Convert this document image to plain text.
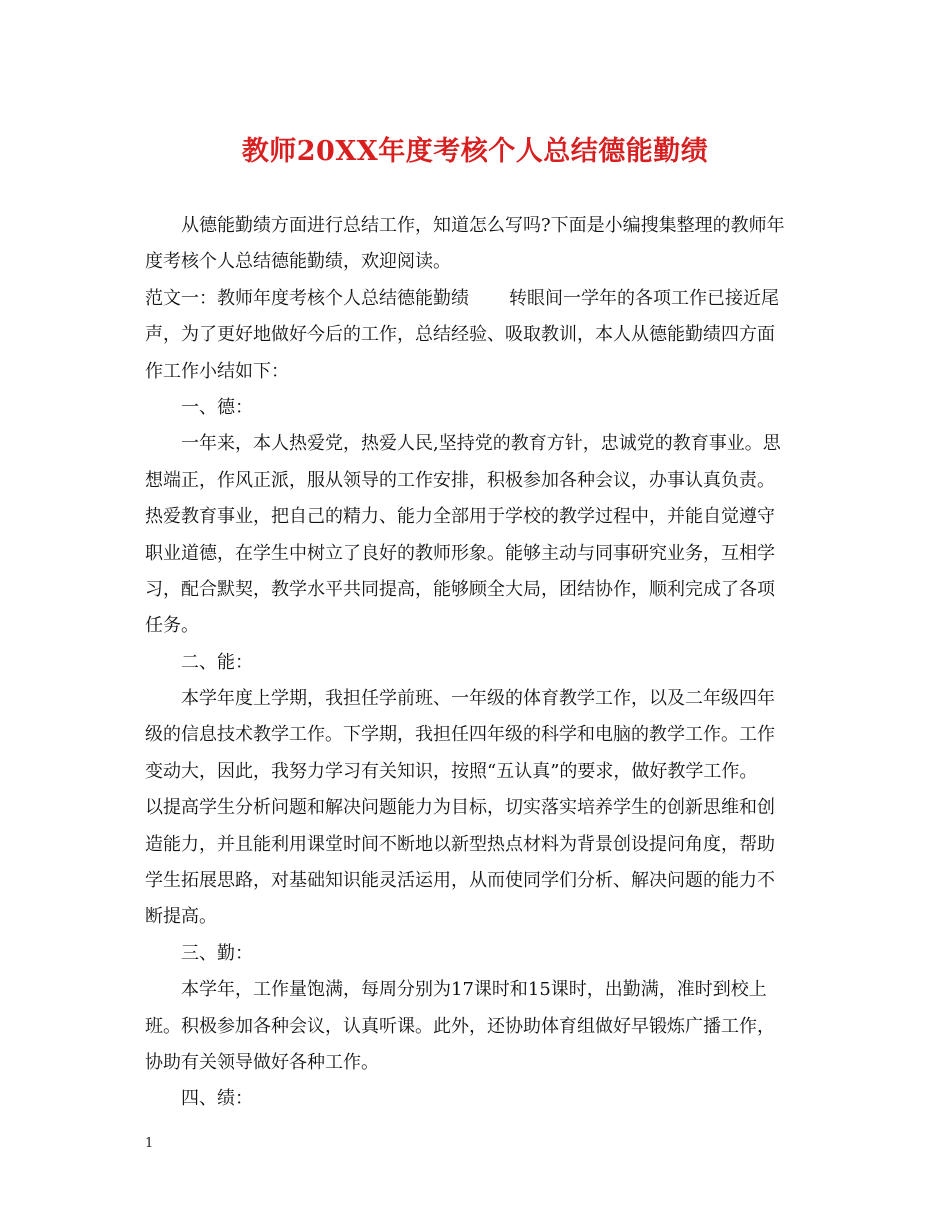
教师20XX年度考核个人总结德能勤绩
从德能勤绩方面进行总结工作，知道怎么写吗?下面是小编搜集整理的教师年
度考核个人总结德能勤绩，欢迎阅读。
范文一：教师年度考核个人总结德能勤绩 转眼间一学年的各项工作已接近尾
声，为了更好地做好今后的工作，总结经验、吸取教训，本人从德能勤绩四方面
作工作小结如下：
一、德：
一年来，本人热爱党，热爱人民,坚持党的教育方针，忠诚党的教育事业。思
想端正，作风正派，服从领导的工作安排，积极参加各种会议，办事认真负责。
热爱教育事业，把自己的精力、能力全部用于学校的教学过程中，并能自觉遵守
职业道德，在学生中树立了良好的教师形象。能够主动与同事研究业务，互相学
习，配合默契，教学水平共同提高，能够顾全大局，团结协作，顺利完成了各项
任务。
二、能：
本学年度上学期，我担任学前班、一年级的体育教学工作，以及二年级四年
级的信息技术教学工作。下学期，我担任四年级的科学和电脑的教学工作。工作
变动大，因此，我努力学习有关知识，按照“五认真”的要求，做好教学工作。
以提高学生分析问题和解决问题能力为目标，切实落实培养学生的创新思维和创
造能力，并且能利用课堂时间不断地以新型热点材料为背景创设提问角度，帮助
学生拓展思路，对基础知识能灵活运用，从而使同学们分析、解决问题的能力不
断提高。
三、勤：
本学年，工作量饱满，每周分别为17课时和15课时，出勤满，准时到校上
班。积极参加各种会议，认真听课。此外，还协助体育组做好早锻炼广播工作，
协助有关领导做好各种工作。
四、绩：
1
